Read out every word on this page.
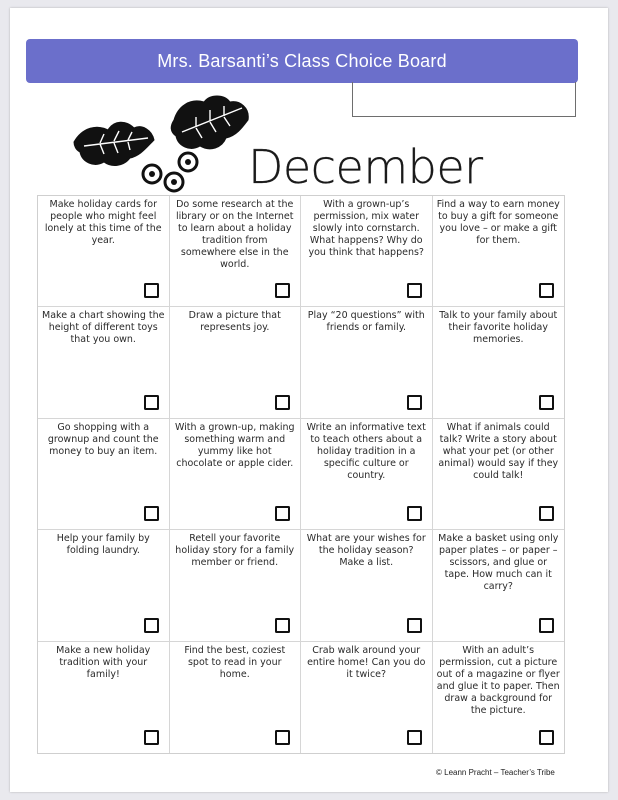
Mrs. Barsanti’s Class Choice Board
December

Make holiday cards for people who might feel lonely at this time of the year.

Do some research at the library or on the Internet to learn about a holiday tradition from somewhere else in the world.

With a grown-up’s permission, mix water slowly into cornstarch. What happens? Why do you think that happens?

Find a way to earn money to buy a gift for someone you love – or make a gift for them.

Make a chart showing the height of different toys that you own.

Draw a picture that represents joy.

Play “20 questions” with friends or family.

Talk to your family about their favorite holiday memories.

Go shopping with a grownup and count the money to buy an item.

With a grown-up, making something warm and yummy like hot chocolate or apple cider.

Write an informative text to teach others about a holiday tradition in a specific culture or country.

What if animals could talk? Write a story about what your pet (or other animal) would say if they could talk!

Help your family by folding laundry.

Retell your favorite holiday story for a family member or friend.

What are your wishes for the holiday season? Make a list.

Make a basket using only paper plates – or paper – scissors, and glue or tape. How much can it carry?

Make a new holiday tradition with your family!

Find the best, coziest spot to read in your home.

Crab walk around your entire home! Can you do it twice?

With an adult’s permission, cut a picture out of a magazine or flyer and glue it to paper. Then draw a background for the picture.

© Leann Pracht – Teacher’s Tribe
